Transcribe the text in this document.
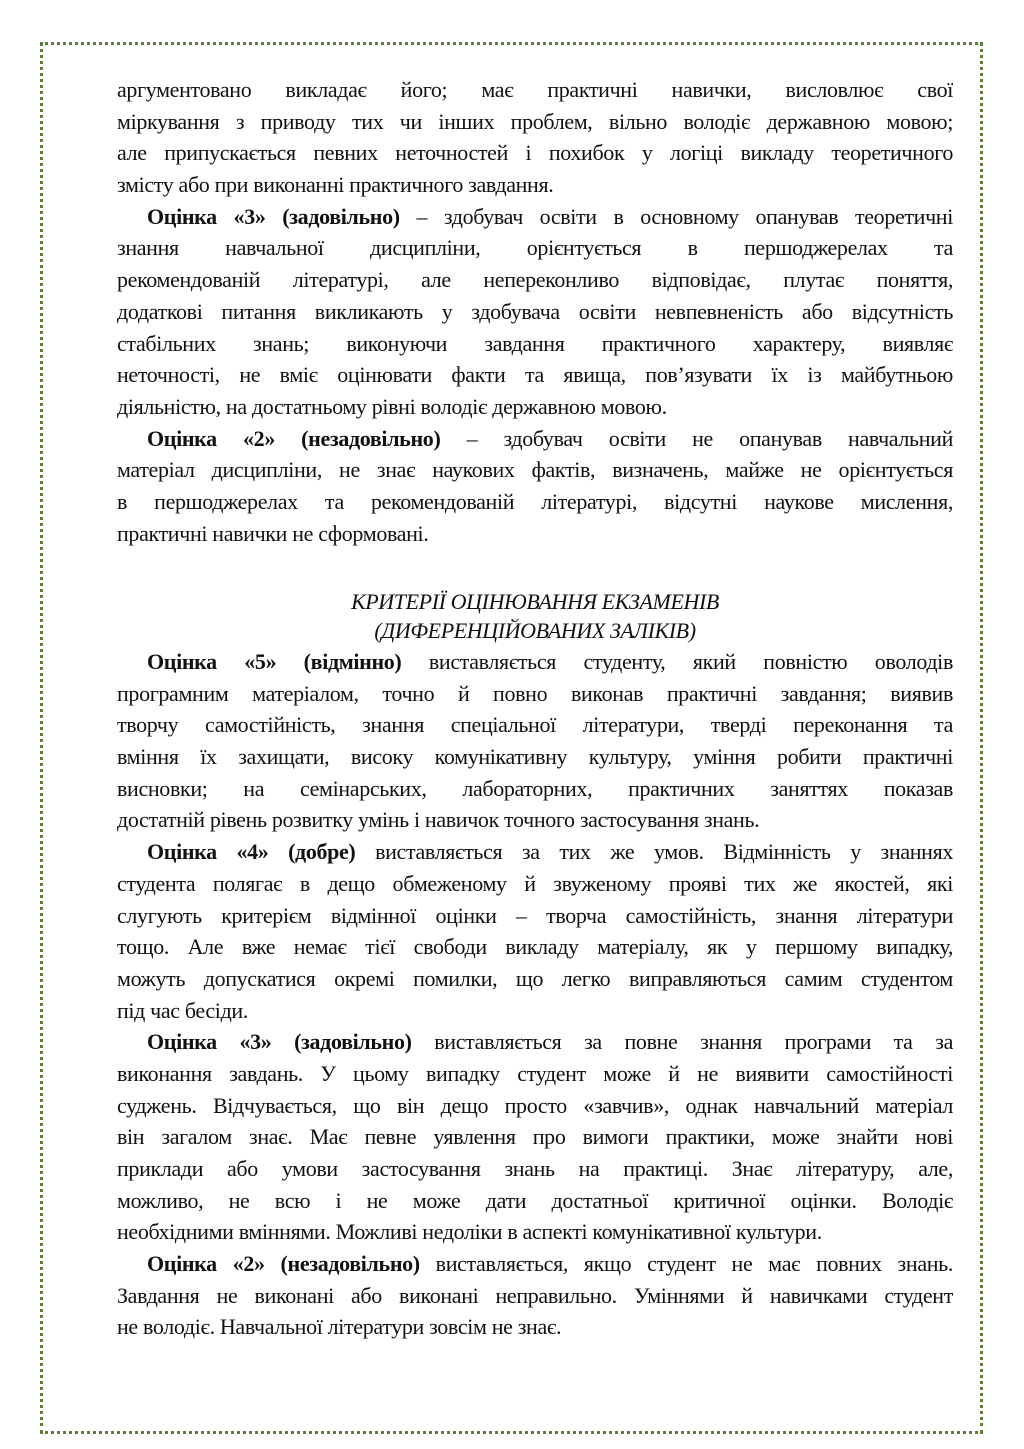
аргументовано викладає його; має практичні навички, висловлює свої
міркування з приводу тих чи інших проблем, вільно володіє державною мовою;
але припускається певних неточностей і похибок у логіці викладу теоретичного
змісту або при виконанні практичного завдання.
Оцінка «3» (задовільно) – здобувач освіти в основному опанував теоретичні
знання навчальної дисципліни, орієнтується в першоджерелах та
рекомендованій літературі, але непереконливо відповідає, плутає поняття,
додаткові питання викликають у здобувача освіти невпевненість або відсутність
стабільних знань; виконуючи завдання практичного характеру, виявляє
неточності, не вміє оцінювати факти та явища, пов’язувати їх із майбутньою
діяльністю, на достатньому рівні володіє державною мовою.
Оцінка «2» (незадовільно) – здобувач освіти не опанував навчальний
матеріал дисципліни, не знає наукових фактів, визначень, майже не орієнтується
в першоджерелах та рекомендованій літературі, відсутні наукове мислення,
практичні навички не сформовані.
КРИТЕРІЇ ОЦІНЮВАННЯ ЕКЗАМЕНІВ
(ДИФЕРЕНЦІЙОВАНИХ ЗАЛІКІВ)
Оцінка «5» (відмінно) виставляється студенту, який повністю оволодів
програмним матеріалом, точно й повно виконав практичні завдання; виявив
творчу самостійність, знання спеціальної літератури, тверді переконання та
вміння їх захищати, високу комунікативну культуру, уміння робити практичні
висновки; на семінарських, лабораторних, практичних заняттях показав
достатній рівень розвитку умінь і навичок точного застосування знань.
Оцінка «4» (добре) виставляється за тих же умов. Відмінність у знаннях
студента полягає в дещо обмеженому й звуженому прояві тих же якостей, які
слугують критерієм відмінної оцінки – творча самостійність, знання літератури
тощо. Але вже немає тієї свободи викладу матеріалу, як у першому випадку,
можуть допускатися окремі помилки, що легко виправляються самим студентом
під час бесіди.
Оцінка «3» (задовільно) виставляється за повне знання програми та за
виконання завдань. У цьому випадку студент може й не виявити самостійності
суджень. Відчувається, що він дещо просто «завчив», однак навчальний матеріал
він загалом знає. Має певне уявлення про вимоги практики, може знайти нові
приклади або умови застосування знань на практиці. Знає літературу, але,
можливо, не всю і не може дати достатньої критичної оцінки. Володіє
необхідними вміннями. Можливі недоліки в аспекті комунікативної культури.
Оцінка «2» (незадовільно) виставляється, якщо студент не має повних знань.
Завдання не виконані або виконані неправильно. Уміннями й навичками студент
не володіє. Навчальної літератури зовсім не знає.
